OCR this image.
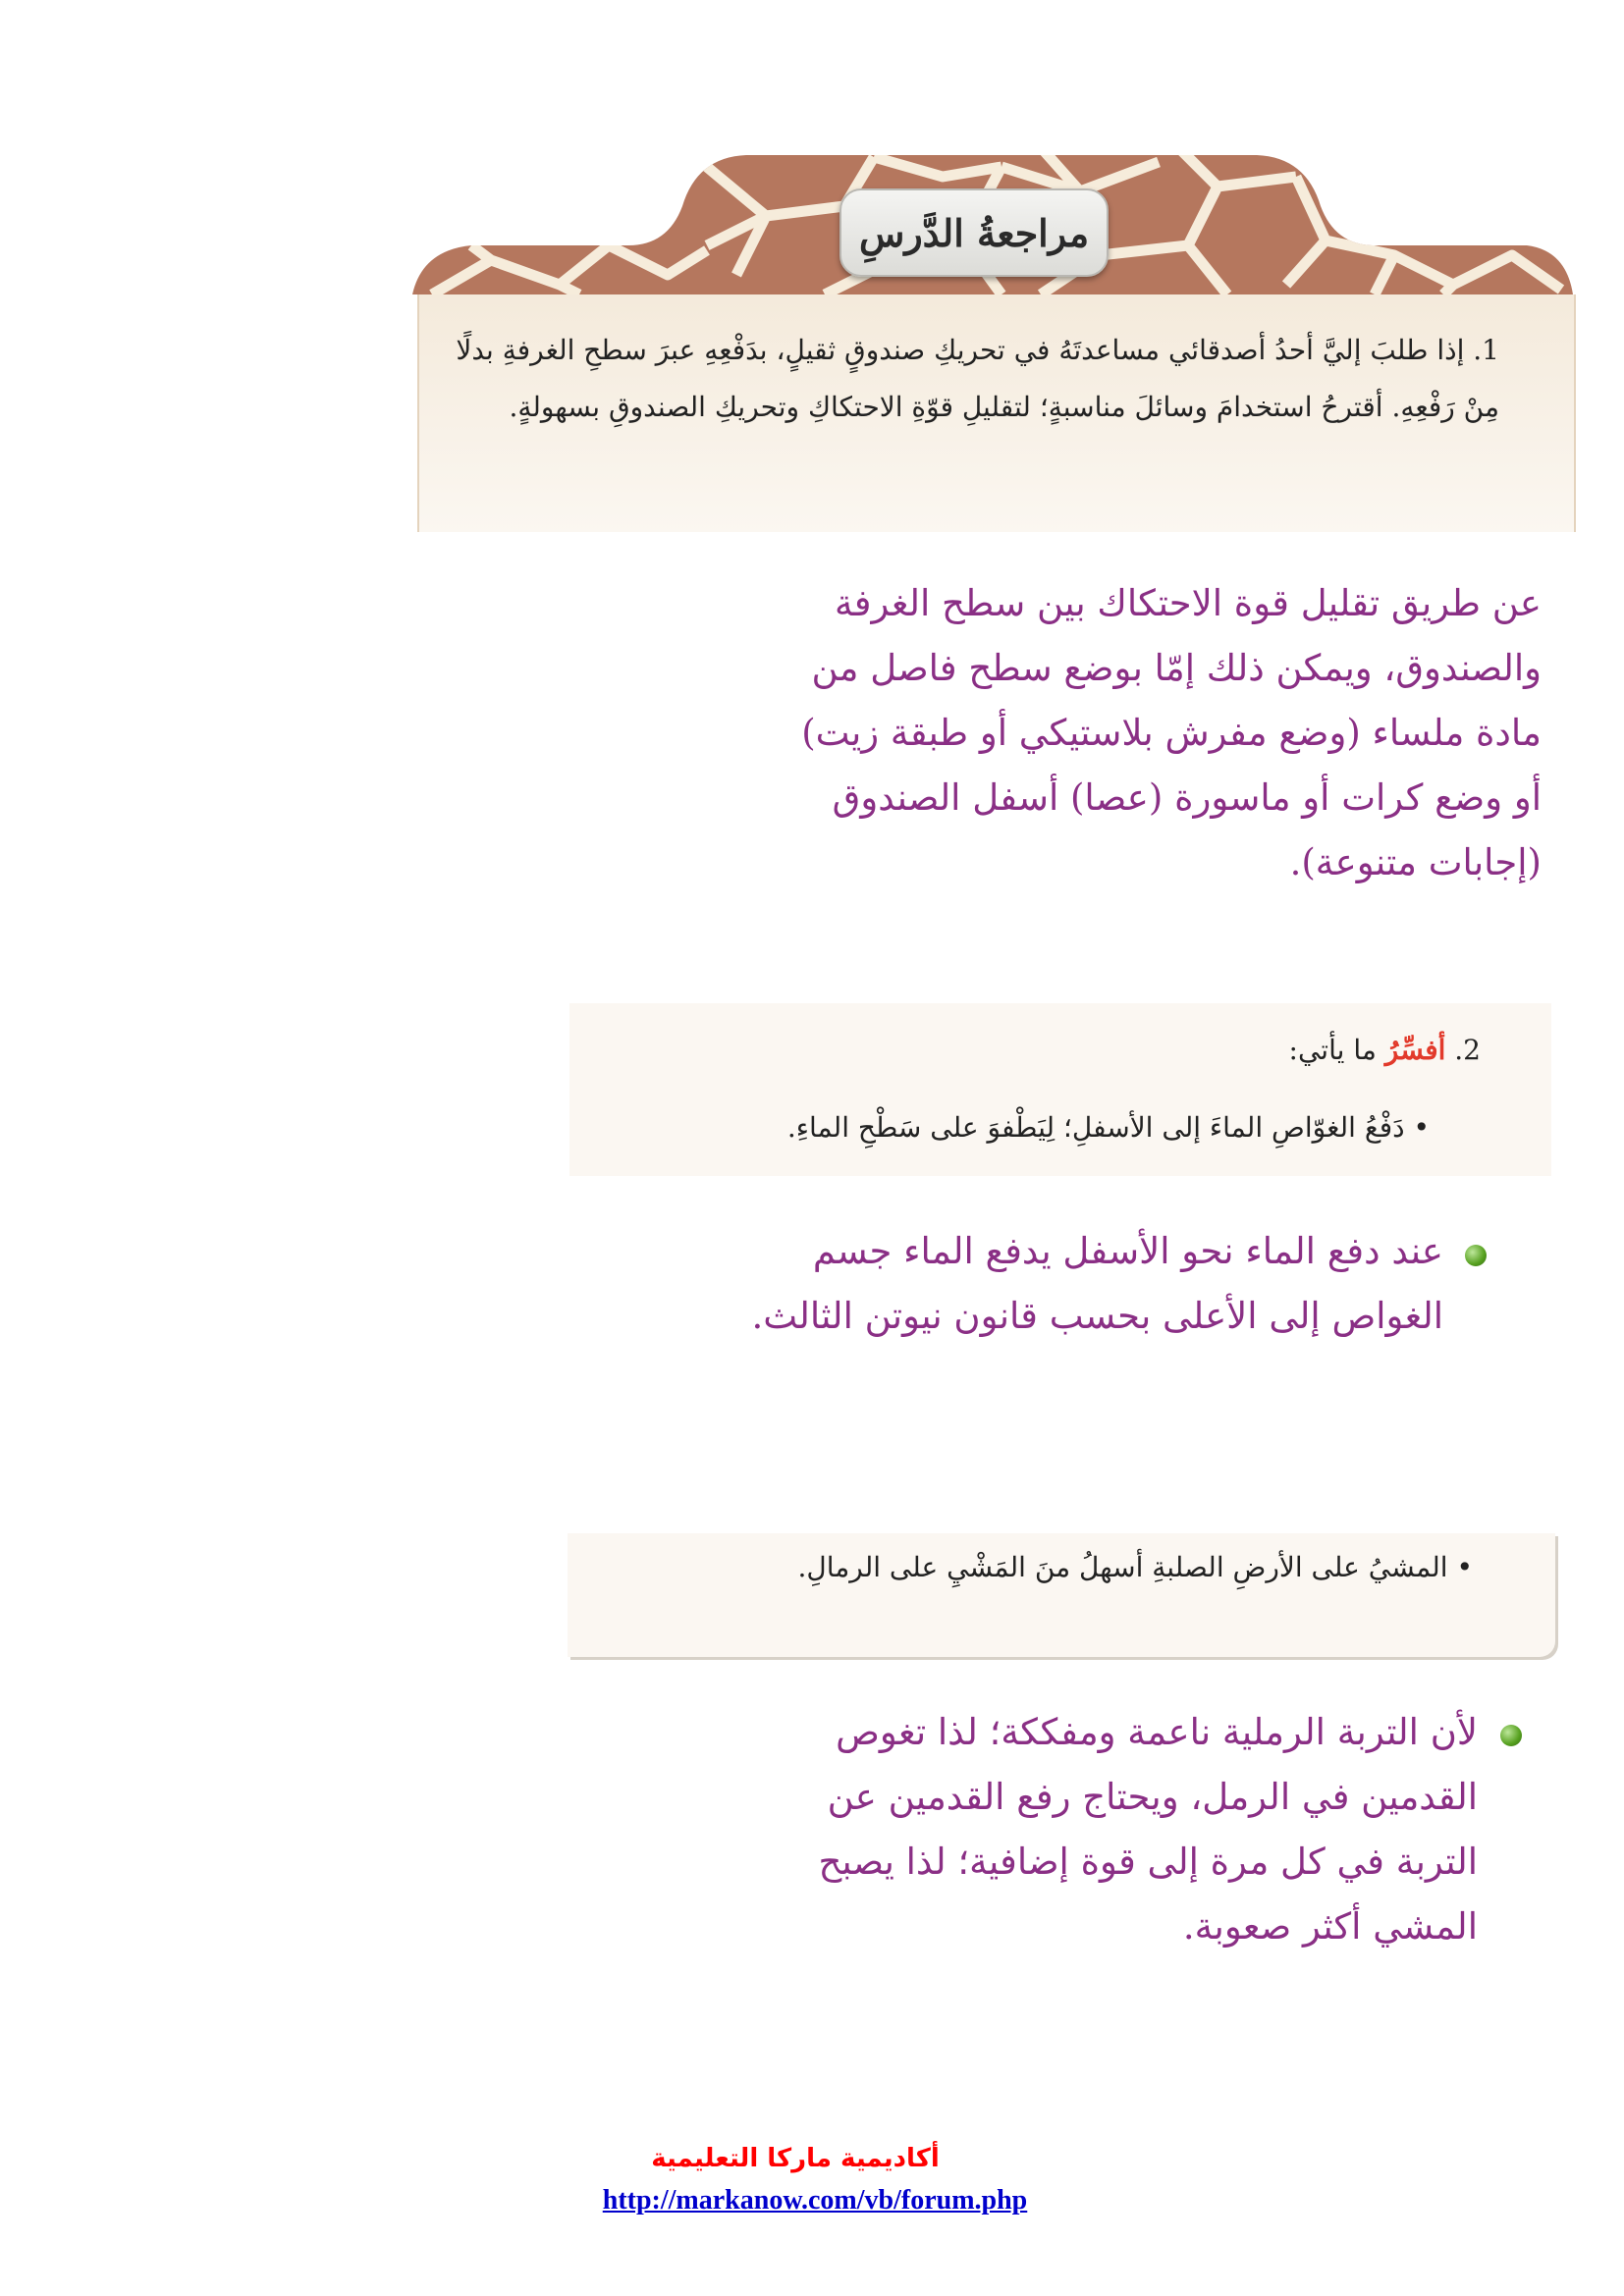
مراجعةُ الدَّرسِ
1. إذا طلبَ إليَّ أحدُ أصدقائي مساعدتَهُ في تحريكِ صندوقٍ ثقيلٍ، بدَفْعِهِ عبرَ سطحِ الغرفةِ بدلًا مِنْ رَفْعِهِ. أقترحُ استخدامَ وسائلَ مناسبةٍ؛ لتقليلِ قوّةِ الاحتكاكِ وتحريكِ الصندوقِ بسهولةٍ.
عن طريق تقليل قوة الاحتكاك بين سطح الغرفة والصندوق، ويمكن ذلك إمّا بوضع سطح فاصل من مادة ملساء (وضع مفرش بلاستيكي أو طبقة زيت) أو وضع كرات أو ماسورة (عصا) أسفل الصندوق (إجابات متنوعة).
2. أفسِّرُ ما يأتي:
• دَفْعُ الغوّاصِ الماءَ إلى الأسفلِ؛ لِيَطْفوَ على سَطْحِ الماءِ.
عند دفع الماء نحو الأسفل يدفع الماء جسم الغواص إلى الأعلى بحسب قانون نيوتن الثالث.
• المشيُ على الأرضِ الصلبةِ أسهلُ منَ المَشْيِ على الرمالِ.
لأن التربة الرملية ناعمة ومفككة؛ لذا تغوص القدمين في الرمل، ويحتاج رفع القدمين عن التربة في كل مرة إلى قوة إضافية؛ لذا يصبح المشي أكثر صعوبة.
أكاديمية ماركا التعليمية
http://markanow.com/vb/forum.php
